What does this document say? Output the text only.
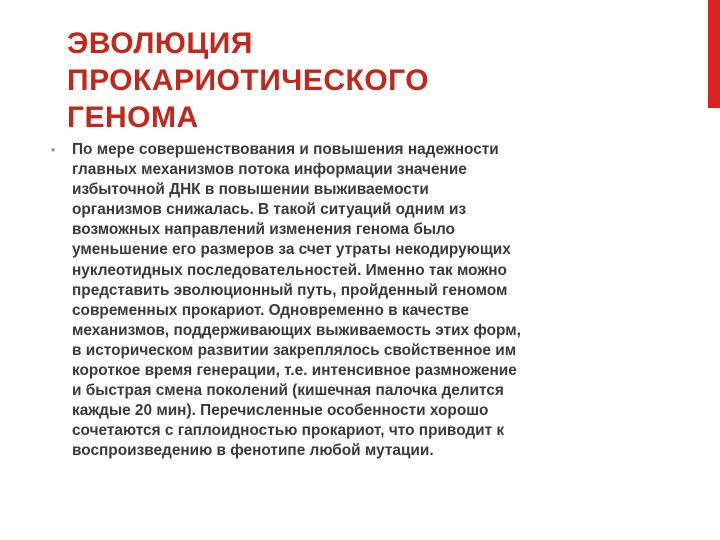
ЭВОЛЮЦИЯ
ПРОКАРИОТИЧЕСКОГО
ГЕНОМА
• По мере совершенствования и повышения надежности
главных механизмов потока информации значение
избыточной ДНК в повышении выживаемости
организмов снижалась. В такой ситуаций одним из
возможных направлений изменения генома было
уменьшение его размеров за счет утраты некодирующих
нуклеотидных последовательностей. Именно так можно
представить эволюционный путь, пройденный геномом
современных прокариот. Одновременно в качестве
механизмов, поддерживающих выживаемость этих форм,
в историческом развитии закреплялось свойственное им
короткое время генерации, т.е. интенсивное размножение
и быстрая смена поколений (кишечная палочка делится
каждые 20 мин). Перечисленные особенности хорошо
сочетаются с гаплоидностью прокариот, что приводит к
воспроизведению в фенотипе любой мутации.
